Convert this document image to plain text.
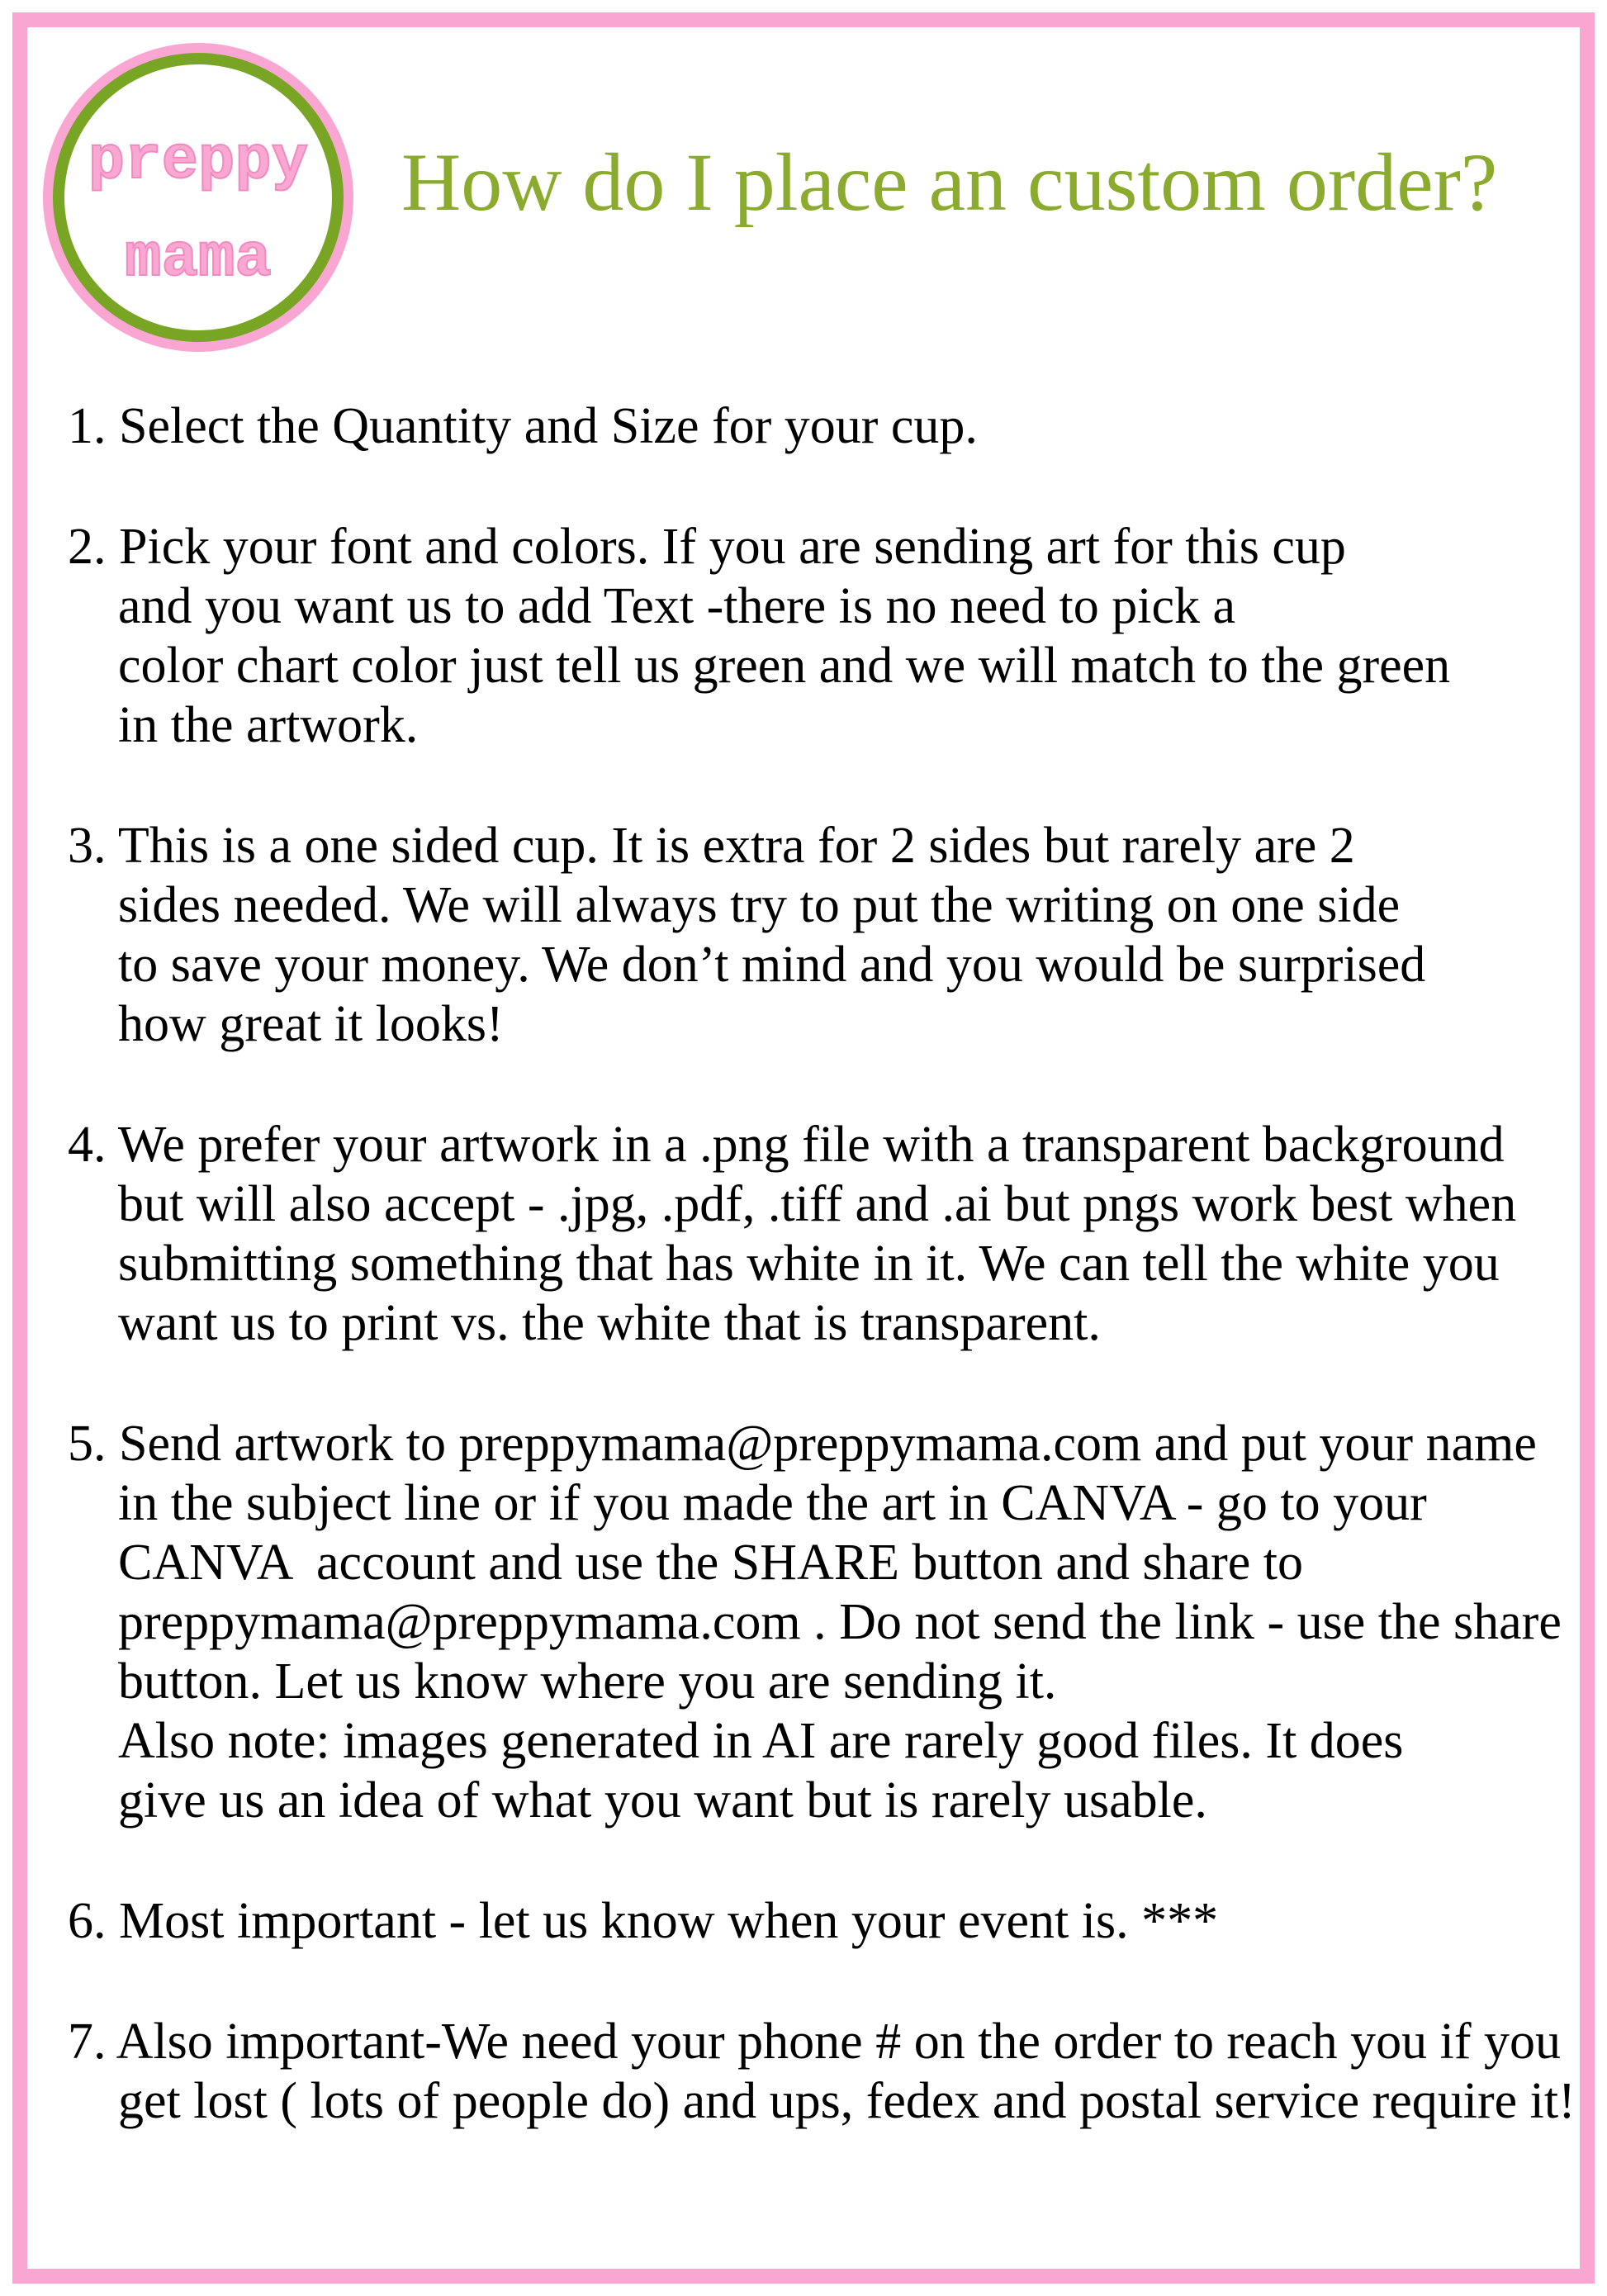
preppy
mama
How do I place an custom order?
1. Select the Quantity and Size for your cup.
2. Pick your font and colors. If you are sending art for this cup
and you want us to add Text -there is no need to pick a
color chart color just tell us green and we will match to the green
in the artwork.
3. This is a one sided cup. It is extra for 2 sides but rarely are 2
sides needed. We will always try to put the writing on one side
to save your money. We don’t mind and you would be surprised
how great it looks!
4. We prefer your artwork in a .png file with a transparent background
but will also accept - .jpg, .pdf, .tiff and .ai but pngs work best when
submitting something that has white in it. We can tell the white you
want us to print vs. the white that is transparent.
5. Send artwork to preppymama@preppymama.com and put your name
in the subject line or if you made the art in CANVA - go to your
CANVA  account and use the SHARE button and share to
preppymama@preppymama.com . Do not send the link - use the share
button. Let us know where you are sending it.
Also note: images generated in AI are rarely good files. It does
give us an idea of what you want but is rarely usable.
6. Most important - let us know when your event is. ***
7. Also important-We need your phone # on the order to reach you if you
get lost ( lots of people do) and ups, fedex and postal service require it!
